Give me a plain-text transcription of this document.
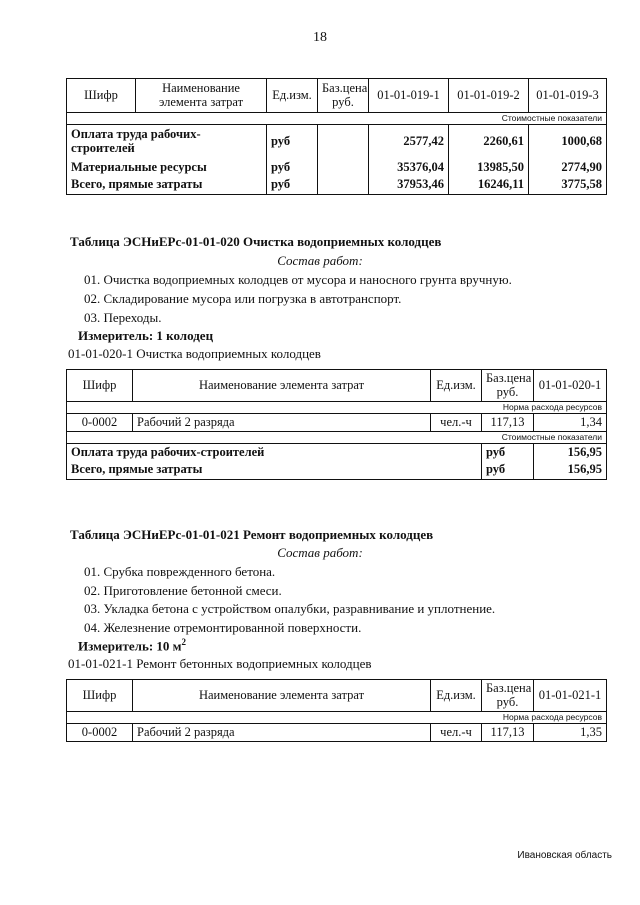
18
Шифр	Наименование элемента затрат	Ед.изм.	Баз.цена руб.	01-01-019-1	01-01-019-2	01-01-019-3
Стоимостные показатели						
Оплата труда рабочих-строителей		руб		2577,42	2260,61	1000,68
Материальные ресурсы		руб		35376,04	13985,50	2774,90
Всего, прямые затраты		руб		37953,46	16246,11	3775,58
Таблица ЭСНиЕРс-01-01-020 Очистка водоприемных колодцев
Состав работ:
01. Очистка водоприемных колодцев от мусора и наносного грунта вручную.
02. Складирование мусора или погрузка в автотранспорт.
03. Переходы.
Измеритель: 1 колодец
01-01-020-1 Очистка водоприемных колодцев
Шифр	Наименование элемента затрат	Ед.изм.	Баз.цена руб.	01-01-020-1
Норма расхода ресурсов				
0-0002	Рабочий 2 разряда	чел.-ч	117,13	1,34
Стоимостные показатели				
Оплата труда рабочих-строителей			руб	156,95
Всего, прямые затраты			руб	156,95
Таблица ЭСНиЕРс-01-01-021 Ремонт водоприемных колодцев
Состав работ:
01. Срубка поврежденного бетона.
02. Приготовление бетонной смеси.
03. Укладка бетона с устройством опалубки, разравнивание и уплотнение.
04. Железнение отремонтированной поверхности.
Измеритель: 10 $м^2$
01-01-021-1 Ремонт бетонных водоприемных колодцев
Шифр	Наименование элемента затрат	Ед.изм.	Баз.цена руб.	01-01-021-1
Норма расхода ресурсов				
0-0002	Рабочий 2 разряда	чел.-ч	117,13	1,35
Ивановская область
